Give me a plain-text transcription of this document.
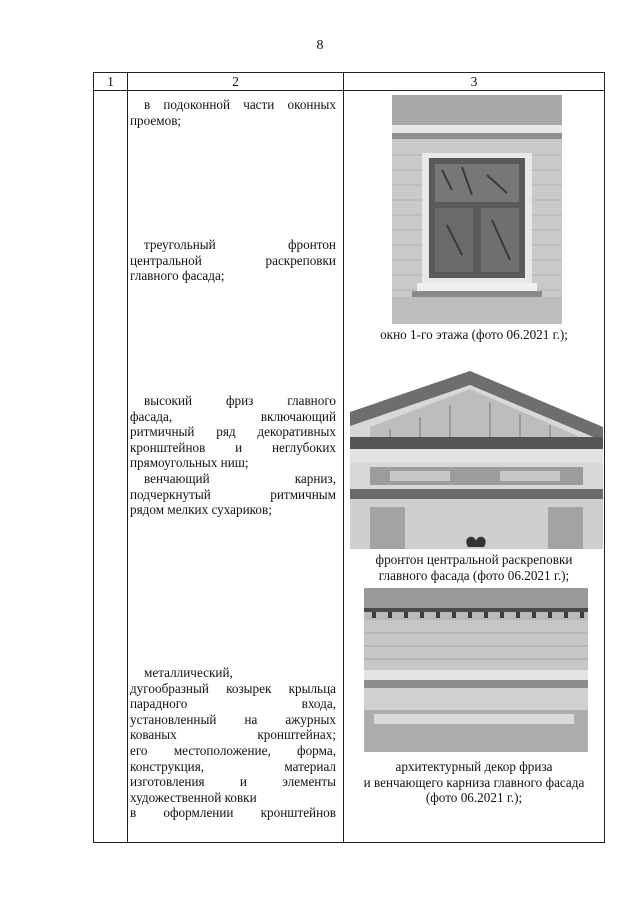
8
1	2	3

в подоконной части оконных

проемов;

треугольный фронтон

центральной раскреповки

главного фасада;

высокий фриз главного

фасада, включающий

ритмичный ряд декоративных

кронштейнов и неглубоких

прямоугольных ниш;

венчающий карниз,

подчеркнутый ритмичным

рядом мелких сухариков;

металлический,

дугообразный козырек крыльца

парадного входа,

установленный на ажурных

кованых кронштейнах;

его местоположение, форма,

конструкция, материал

изготовления и элементы

художественной ковки

в оформлении кронштейнов

окно 1-го этажа (фото 06.2021 г.);
фронтон центральной раскреповки
главного фасада (фото 06.2021 г.);
архитектурный декор фриза
и венчающего карниза главного фасада
(фото 06.2021 г.);
